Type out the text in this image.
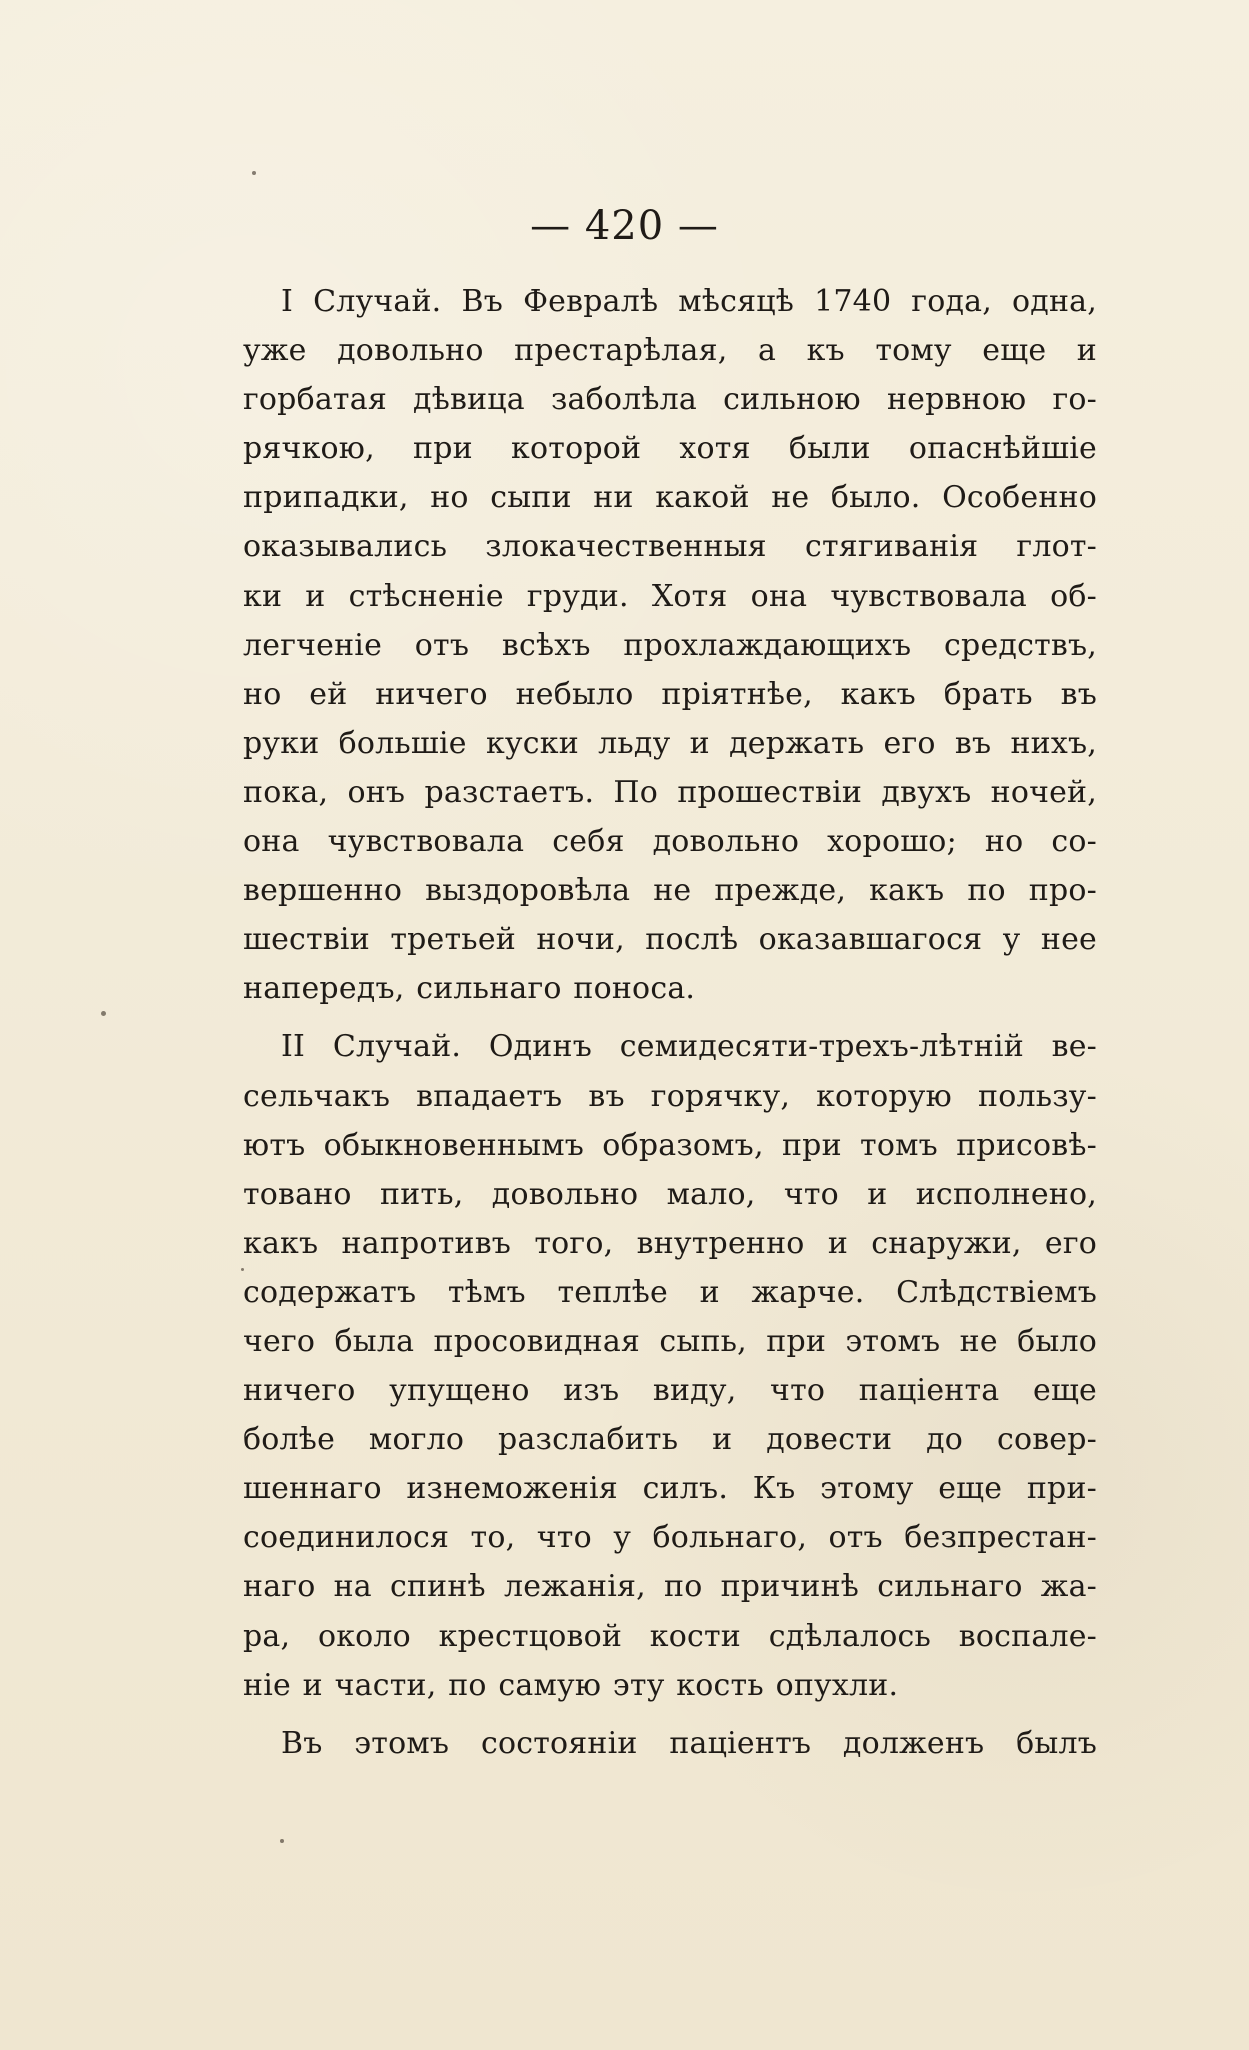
— 420 —
I Случай. Въ Февралѣ мѣсяцѣ 1740 года, одна,
уже довольно престарѣлая, а къ тому еще и
горбатая дѣвица заболѣла сильною нервною го-
рячкою, при которой хотя были опаснѣйшіе
припадки, но сыпи ни какой не было. Особенно
оказывались злокачественныя стягиванія глот-
ки и стѣсненіе груди. Хотя она чувствовала об-
легченіе отъ всѣхъ прохлаждающихъ средствъ,
но ей ничего небыло пріятнѣе, какъ брать въ
руки большіе куски льду и держать его въ нихъ,
пока, онъ разстаетъ. По прошествіи двухъ ночей,
она чувствовала себя довольно хорошо; но со-
вершенно выздоровѣла не прежде, какъ по про-
шествіи третьей ночи, послѣ оказавшагося у нее
напередъ, сильнаго поноса.
II Случай. Одинъ семидесяти-трехъ-лѣтній ве-
сельчакъ впадаетъ въ горячку, которую пользу-
ютъ обыкновеннымъ образомъ, при томъ присовѣ-
товано пить, довольно мало, что и исполнено,
какъ напротивъ того, внутренно и снаружи, его
содержатъ тѣмъ теплѣе и жарче. Слѣдствіемъ
чего была просовидная сыпь, при этомъ не было
ничего упущено изъ виду, что паціента еще
болѣе могло разслабить и довести до совер-
шеннаго изнеможенія силъ. Къ этому еще при-
соединилося то, что у больнаго, отъ безпрестан-
наго на спинѣ лежанія, по причинѣ сильнаго жа-
ра, около крестцовой кости сдѣлалось воспале-
ніе и части, по самую эту кость опухли.
Въ этомъ состояніи паціентъ долженъ былъ
